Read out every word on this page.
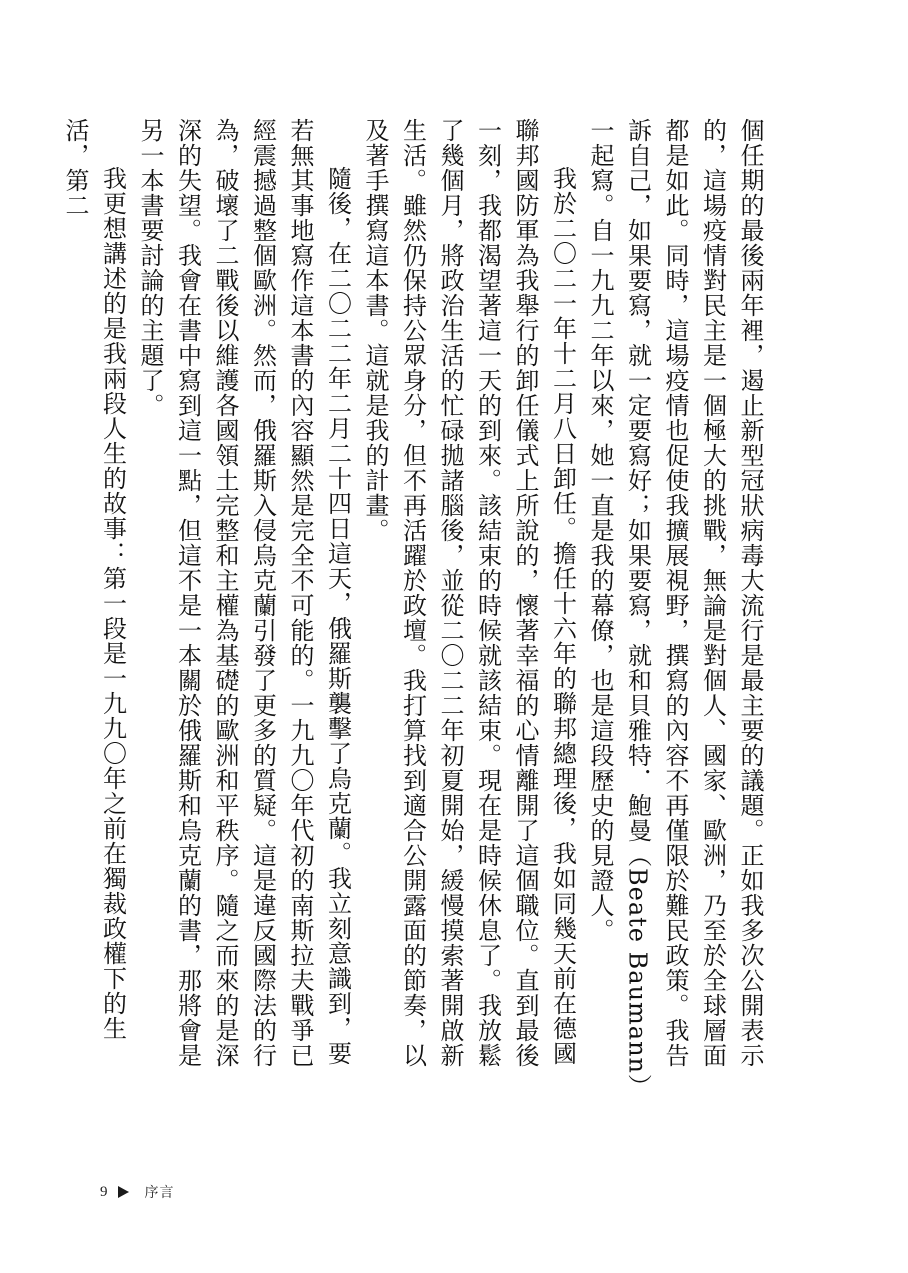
個任期的最後兩年裡，遏止新型冠狀病毒大流行是最主要的議題。正如我多次公開表示的，這場疫情對民主是一個極大的挑戰，無論是對個人、國家、歐洲，乃至於全球層面都是如此。同時，這場疫情也促使我擴展視野，撰寫的內容不再僅限於難民政策。我告訴自己，如果要寫，就一定要寫好；如果要寫，就和貝雅特．鮑曼（Beate Baumann）一起寫。自一九九二年以來，她一直是我的幕僚，也是這段歷史的見證人。

我於二〇二一年十二月八日卸任。擔任十六年的聯邦總理後，我如同幾天前在德國聯邦國防軍為我舉行的卸任儀式上所說的，懷著幸福的心情離開了這個職位。直到最後一刻，我都渴望著這一天的到來。該結束的時候就該結束。現在是時候休息了。我放鬆了幾個月，將政治生活的忙碌拋諸腦後，並從二〇二二年初夏開始，緩慢摸索著開啟新生活。雖然仍保持公眾身分，但不再活躍於政壇。我打算找到適合公開露面的節奏，以及著手撰寫這本書。這就是我的計畫。

隨後，在二〇二二年二月二十四日這天，俄羅斯襲擊了烏克蘭。我立刻意識到，要若無其事地寫作這本書的內容顯然是完全不可能的。一九九〇年代初的南斯拉夫戰爭已經震撼過整個歐洲。然而，俄羅斯入侵烏克蘭引發了更多的質疑。這是違反國際法的行為，破壞了二戰後以維護各國領土完整和主權為基礎的歐洲和平秩序。隨之而來的是深深的失望。我會在書中寫到這一點，但這不是一本關於俄羅斯和烏克蘭的書，那將會是另一本書要討論的主題了。

我更想講述的是我兩段人生的故事：第一段是一九九〇年之前在獨裁政權下的生活，第二

9	序言
